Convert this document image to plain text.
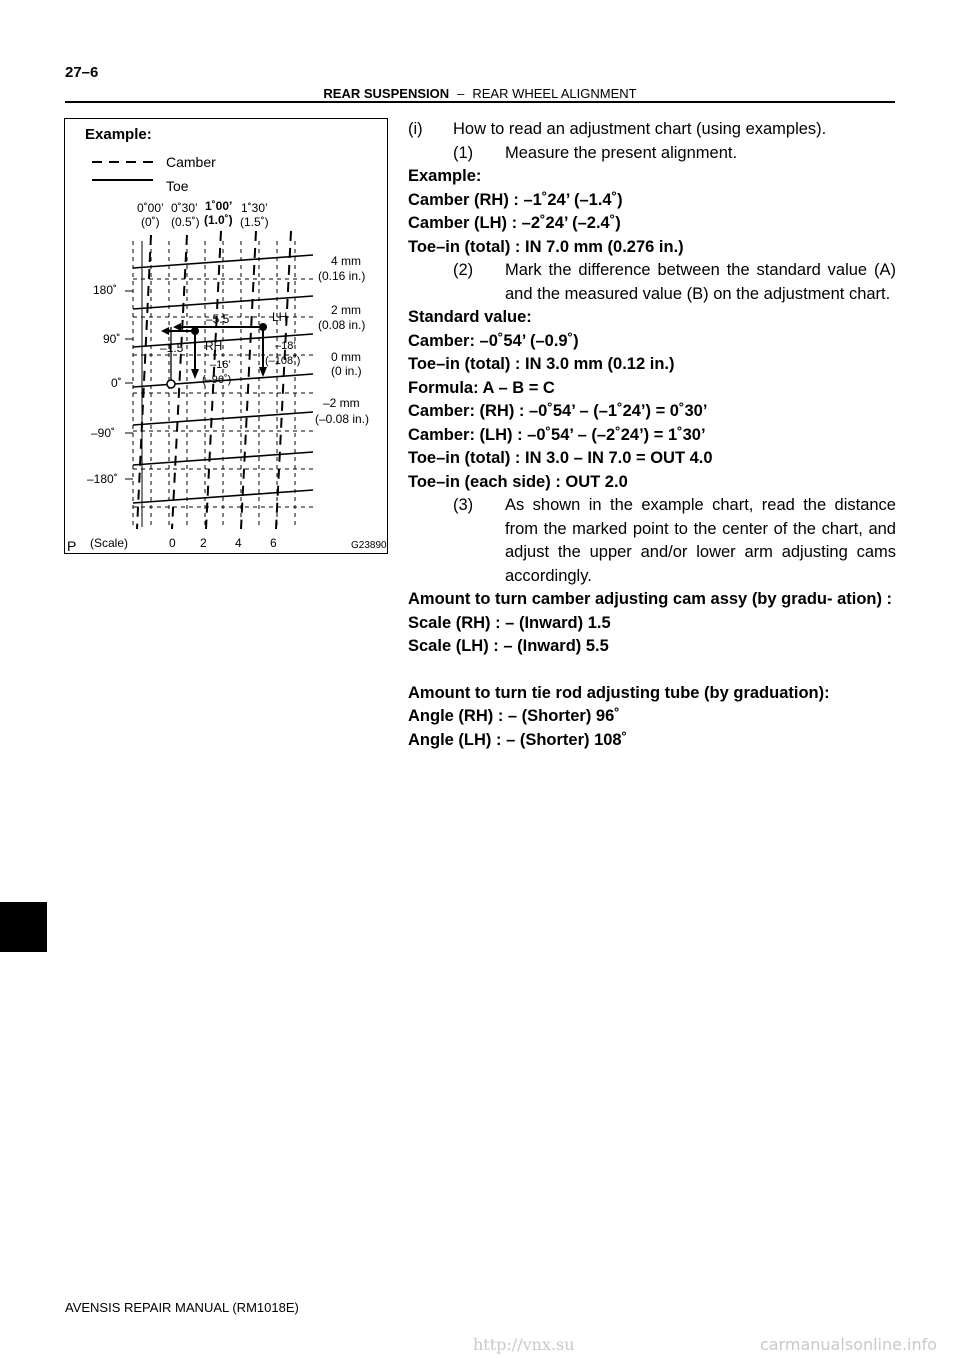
27–6
REAR SUSPENSION – REAR WHEEL ALIGNMENT
Example:
Camber
Toe
0˚00’
(0˚)
0˚30’
(0.5˚)
1˚00’
(1.0˚)
1˚30’
(1.5˚)
180˚
90˚
0˚
–90˚
–180˚
4 mm
(0.16 in.)
2 mm
(0.08 in.)
0 mm
(0 in.)
–2 mm
(–0.08 in.)
–5.5	LH
–1.5 RH	–18’
(–108˚)
–16’
(–96˚)
P (Scale)	0 2 4 6	G23890
(i)	How to read an adjustment chart (using examples).
(1)	Measure the present alignment.
Example:
Camber (RH) : –1˚24’ (–1.4˚)
Camber (LH) : –2˚24’ (–2.4˚)
Toe–in (total) : IN 7.0 mm (0.276 in.)
(2)	Mark the difference between the standard value (A) and the measured value (B) on the adjustment chart.
Standard value:
Camber: –0˚54’ (–0.9˚)
Toe–in (total) : IN 3.0 mm (0.12 in.)
Formula: A – B = C
Camber: (RH) : –0˚54’ – (–1˚24’) = 0˚30’
Camber: (LH) : –0˚54’ – (–2˚24’) = 1˚30’
Toe–in (total) : IN 3.0 – IN 7.0 = OUT 4.0
Toe–in (each side) : OUT 2.0
(3)	As shown in the example chart, read the distance from the marked point to the center of the chart, and adjust the upper and/or lower arm adjusting cams accordingly.
Amount to turn camber adjusting cam assy (by gradu- ation) :
Scale (RH) : – (Inward) 1.5
Scale (LH) : – (Inward) 5.5
Amount to turn tie rod adjusting tube (by graduation):
Angle (RH) : – (Shorter) 96˚
Angle (LH) : – (Shorter) 108˚
AVENSIS REPAIR MANUAL (RM1018E)
http://vnx.su	carmanualsonline.info
